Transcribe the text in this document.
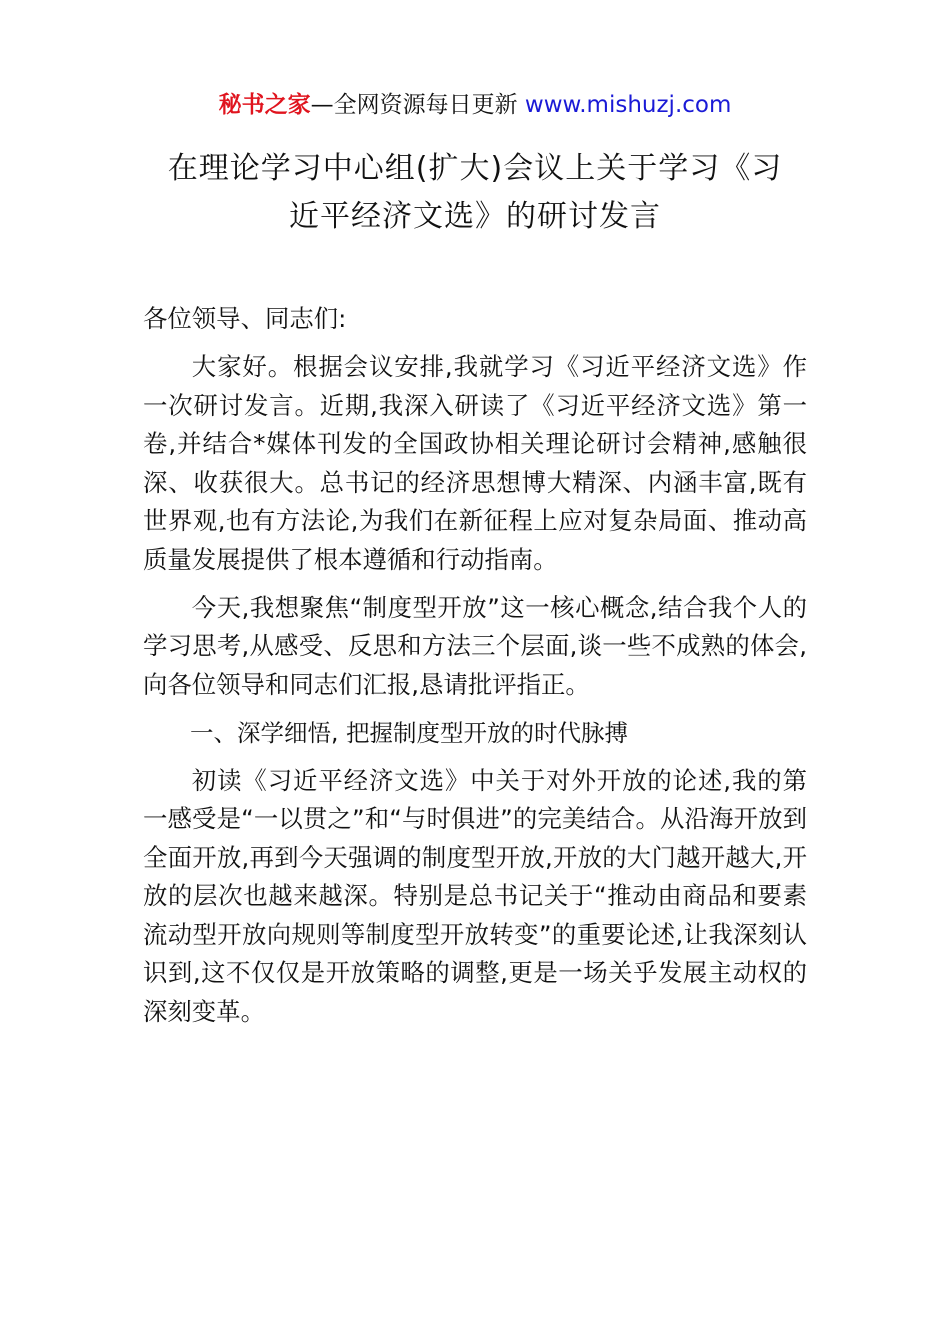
秘书之家—全网资源每日更新 www.mishuzj.com
在理论学习中心组(扩大)会议上关于学习《习
近平经济文选》的研讨发言

各位领导、同志们:

大家好。根据会议安排,我就学习《习近平经济文选》作一次研讨发言。近期,我深入研读了《习近平经济文选》第一卷,并结合*媒体刊发的全国政协相关理论研讨会精神,感触很深、收获很大。总书记的经济思想博大精深、内涵丰富,既有世界观,也有方法论,为我们在新征程上应对复杂局面、推动高质量发展提供了根本遵循和行动指南。

今天,我想聚焦“制度型开放”这一核心概念,结合我个人的学习思考,从感受、反思和方法三个层面,谈一些不成熟的体会,向各位领导和同志们汇报,恳请批评指正。

一、深学细悟, 把握制度型开放的时代脉搏

初读《习近平经济文选》中关于对外开放的论述,我的第一感受是“一以贯之”和“与时俱进”的完美结合。从沿海开放到全面开放,再到今天强调的制度型开放,开放的大门越开越大,开放的层次也越来越深。特别是总书记关于“推动由商品和要素流动型开放向规则等制度型开放转变”的重要论述,让我深刻认识到,这不仅仅是开放策略的调整,更是一场关乎发展主动权的深刻变革。
